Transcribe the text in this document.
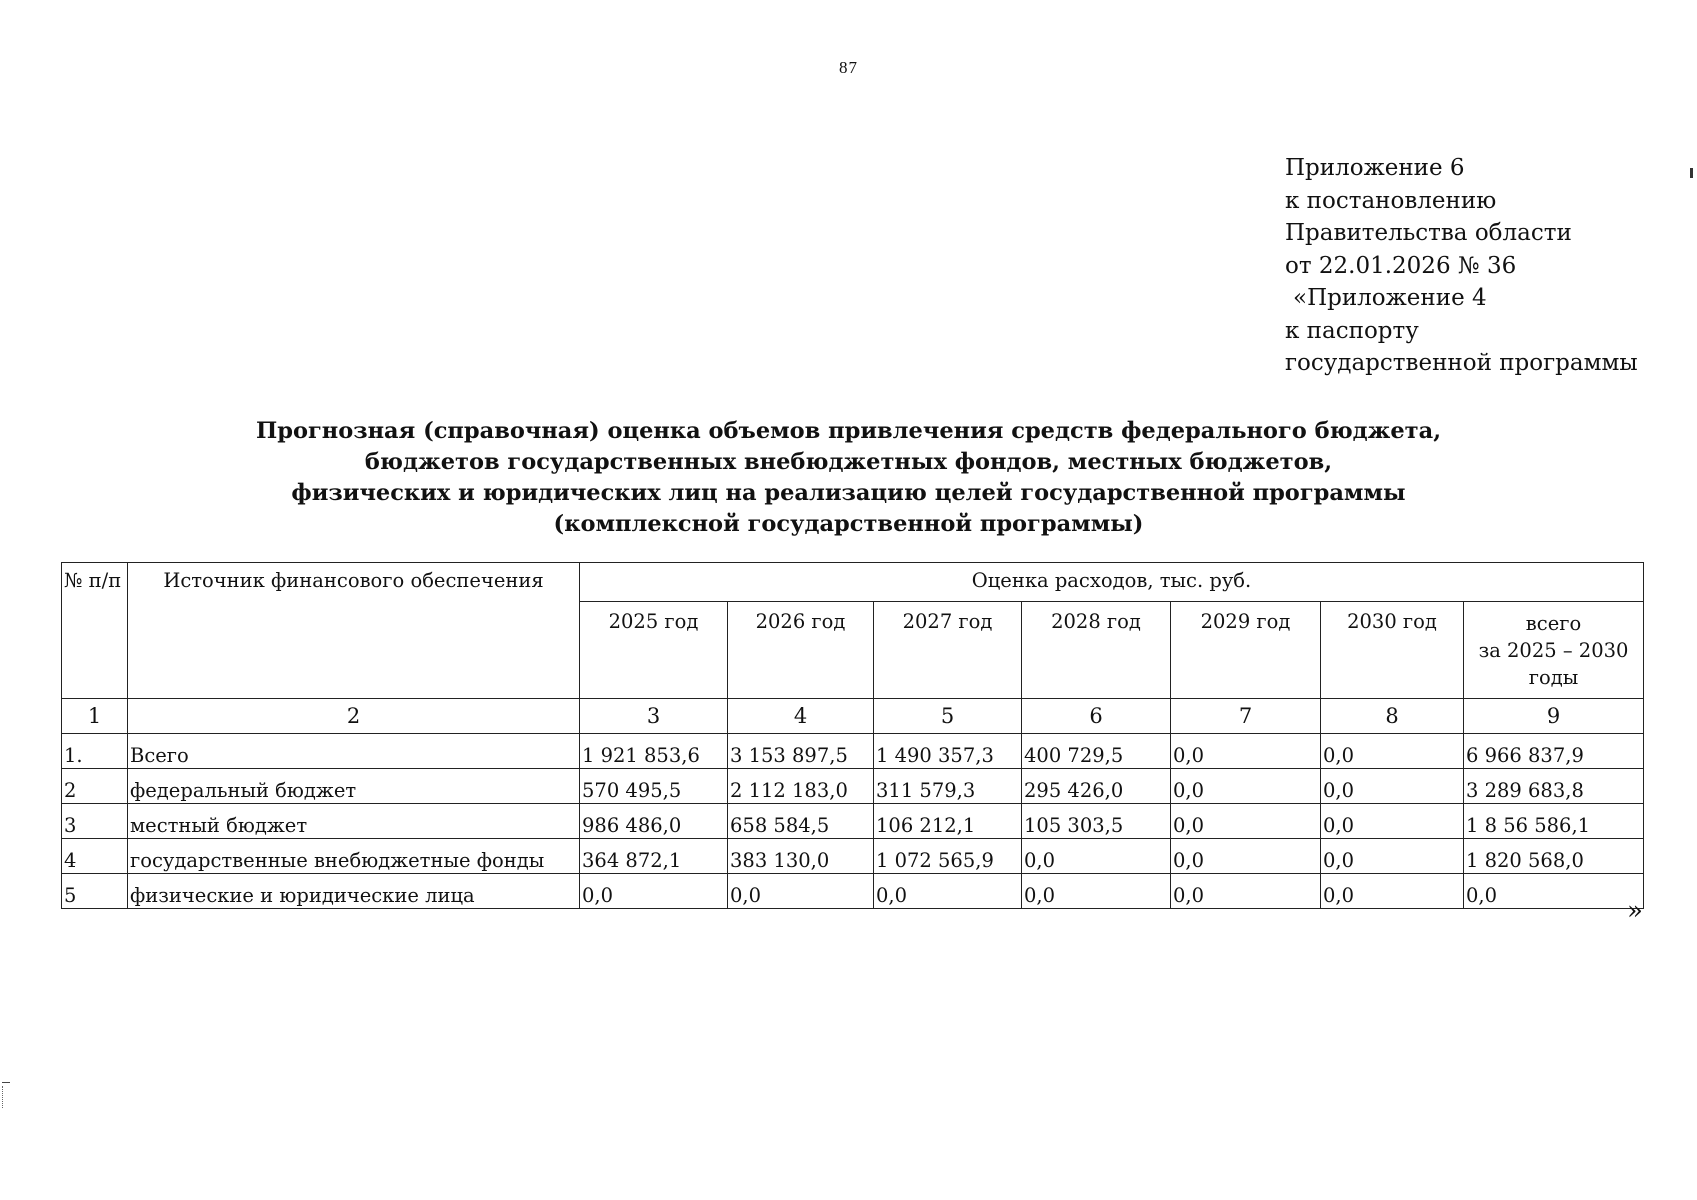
87
Приложение 6
к постановлению
Правительства области
от 22.01.2026 № 36
«Приложение 4
к паспорту
государственной программы
Прогнозная (справочная) оценка объемов привлечения средств федерального бюджета,
бюджетов государственных внебюджетных фондов, местных бюджетов,
физических и юридических лиц на реализацию целей государственной программы
(комплексной государственной программы)
№ п/п	Источник финансового обеспечения	Оценка расходов, тыс. руб.						
		2025 год	2026 год	2027 год	2028 год	2029 год	2030 год	всего
за 2025 – 2030
годы

1	2	3	4	5	6	7	8	9
1.	Всего	1 921 853,6	3 153 897,5	1 490 357,3	400 729,5	0,0	0,0	6 966 837,9
2	федеральный бюджет	570 495,5	2 112 183,0	311 579,3	295 426,0	0,0	0,0	3 289 683,8
3	местный бюджет	986 486,0	658 584,5	106 212,1	105 303,5	0,0	0,0	1 8 56 586,1
4	государственные внебюджетные фонды	364 872,1	383 130,0	1 072 565,9	0,0	0,0	0,0	1 820 568,0
5	физические и юридические лица	0,0	0,0	0,0	0,0	0,0	0,0	0,0
»
